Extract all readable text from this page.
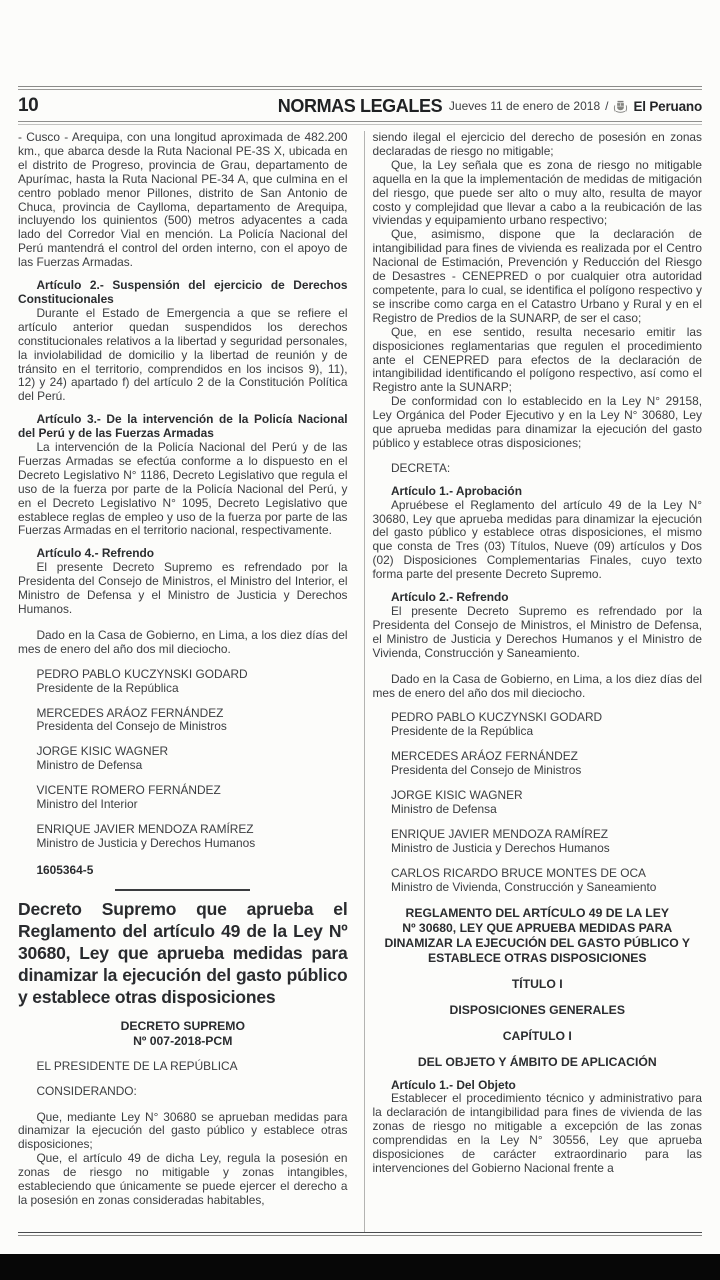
10	NORMAS LEGALES Jueves 11 de enero de 2018 / El Peruano
- Cusco - Arequipa, con una longitud aproximada de 482.200 km., que abarca desde la Ruta Nacional PE-3S X, ubicada en el distrito de Progreso, provincia de Grau, departamento de Apurímac, hasta la Ruta Nacional PE-34 A, que culmina en el centro poblado menor Pillones, distrito de San Antonio de Chuca, provincia de Caylloma, departamento de Arequipa, incluyendo los quinientos (500) metros adyacentes a cada lado del Corredor Vial en mención. La Policía Nacional del Perú mantendrá el control del orden interno, con el apoyo de las Fuerzas Armadas.
Artículo 2.- Suspensión del ejercicio de Derechos Constitucionales
Durante el Estado de Emergencia a que se refiere el artículo anterior quedan suspendidos los derechos constitucionales relativos a la libertad y seguridad personales, la inviolabilidad de domicilio y la libertad de reunión y de tránsito en el territorio, comprendidos en los incisos 9), 11), 12) y 24) apartado f) del artículo 2 de la Constitución Política del Perú.
Artículo 3.- De la intervención de la Policía Nacional del Perú y de las Fuerzas Armadas
La intervención de la Policía Nacional del Perú y de las Fuerzas Armadas se efectúa conforme a lo dispuesto en el Decreto Legislativo N° 1186, Decreto Legislativo que regula el uso de la fuerza por parte de la Policía Nacional del Perú, y en el Decreto Legislativo N° 1095, Decreto Legislativo que establece reglas de empleo y uso de la fuerza por parte de las Fuerzas Armadas en el territorio nacional, respectivamente.
Artículo 4.- Refrendo
El presente Decreto Supremo es refrendado por la Presidenta del Consejo de Ministros, el Ministro del Interior, el Ministro de Defensa y el Ministro de Justicia y Derechos Humanos.
Dado en la Casa de Gobierno, en Lima, a los diez días del mes de enero del año dos mil dieciocho.
PEDRO PABLO KUCZYNSKI GODARD
Presidente de la República
MERCEDES ARÁOZ FERNÁNDEZ
Presidenta del Consejo de Ministros
JORGE KISIC WAGNER
Ministro de Defensa
VICENTE ROMERO FERNÁNDEZ
Ministro del Interior
ENRIQUE JAVIER MENDOZA RAMÍREZ
Ministro de Justicia y Derechos Humanos
1605364-5
Decreto Supremo que aprueba el Reglamento del artículo 49 de la Ley Nº 30680, Ley que aprueba medidas para dinamizar la ejecución del gasto público y establece otras disposiciones
DECRETO SUPREMO
Nº 007-2018-PCM
EL PRESIDENTE DE LA REPÚBLICA
CONSIDERANDO:
Que, mediante Ley N° 30680 se aprueban medidas para dinamizar la ejecución del gasto público y establece otras disposiciones;
Que, el artículo 49 de dicha Ley, regula la posesión en zonas de riesgo no mitigable y zonas intangibles, estableciendo que únicamente se puede ejercer el derecho a la posesión en zonas consideradas habitables,
siendo ilegal el ejercicio del derecho de posesión en zonas declaradas de riesgo no mitigable;
Que, la Ley señala que es zona de riesgo no mitigable aquella en la que la implementación de medidas de mitigación del riesgo, que puede ser alto o muy alto, resulta de mayor costo y complejidad que llevar a cabo a la reubicación de las viviendas y equipamiento urbano respectivo;
Que, asimismo, dispone que la declaración de intangibilidad para fines de vivienda es realizada por el Centro Nacional de Estimación, Prevención y Reducción del Riesgo de Desastres - CENEPRED o por cualquier otra autoridad competente, para lo cual, se identifica el polígono respectivo y se inscribe como carga en el Catastro Urbano y Rural y en el Registro de Predios de la SUNARP, de ser el caso;
Que, en ese sentido, resulta necesario emitir las disposiciones reglamentarias que regulen el procedimiento ante el CENEPRED para efectos de la declaración de intangibilidad identificando el polígono respectivo, así como el Registro ante la SUNARP;
De conformidad con lo establecido en la Ley N° 29158, Ley Orgánica del Poder Ejecutivo y en la Ley N° 30680, Ley que aprueba medidas para dinamizar la ejecución del gasto público y establece otras disposiciones;
DECRETA:
Artículo 1.- Aprobación
Apruébese el Reglamento del artículo 49 de la Ley N° 30680, Ley que aprueba medidas para dinamizar la ejecución del gasto público y establece otras disposiciones, el mismo que consta de Tres (03) Títulos, Nueve (09) artículos y Dos (02) Disposiciones Complementarias Finales, cuyo texto forma parte del presente Decreto Supremo.
Artículo 2.- Refrendo
El presente Decreto Supremo es refrendado por la Presidenta del Consejo de Ministros, el Ministro de Defensa, el Ministro de Justicia y Derechos Humanos y el Ministro de Vivienda, Construcción y Saneamiento.
Dado en la Casa de Gobierno, en Lima, a los diez días del mes de enero del año dos mil dieciocho.
PEDRO PABLO KUCZYNSKI GODARD
Presidente de la República
MERCEDES ARÁOZ FERNÁNDEZ
Presidenta del Consejo de Ministros
JORGE KISIC WAGNER
Ministro de Defensa
ENRIQUE JAVIER MENDOZA RAMÍREZ
Ministro de Justicia y Derechos Humanos
CARLOS RICARDO BRUCE MONTES DE OCA
Ministro de Vivienda, Construcción y Saneamiento
REGLAMENTO DEL ARTÍCULO 49 DE LA LEY
Nº 30680, LEY QUE APRUEBA MEDIDAS PARA
DINAMIZAR LA EJECUCIÓN DEL GASTO PÚBLICO Y
ESTABLECE OTRAS DISPOSICIONES
TÍTULO I
DISPOSICIONES GENERALES
CAPÍTULO I
DEL OBJETO Y ÁMBITO DE APLICACIÓN
Artículo 1.- Del Objeto
Establecer el procedimiento técnico y administrativo para la declaración de intangibilidad para fines de vivienda de las zonas de riesgo no mitigable a excepción de las zonas comprendidas en la Ley N° 30556, Ley que aprueba disposiciones de carácter extraordinario para las intervenciones del Gobierno Nacional frente a
